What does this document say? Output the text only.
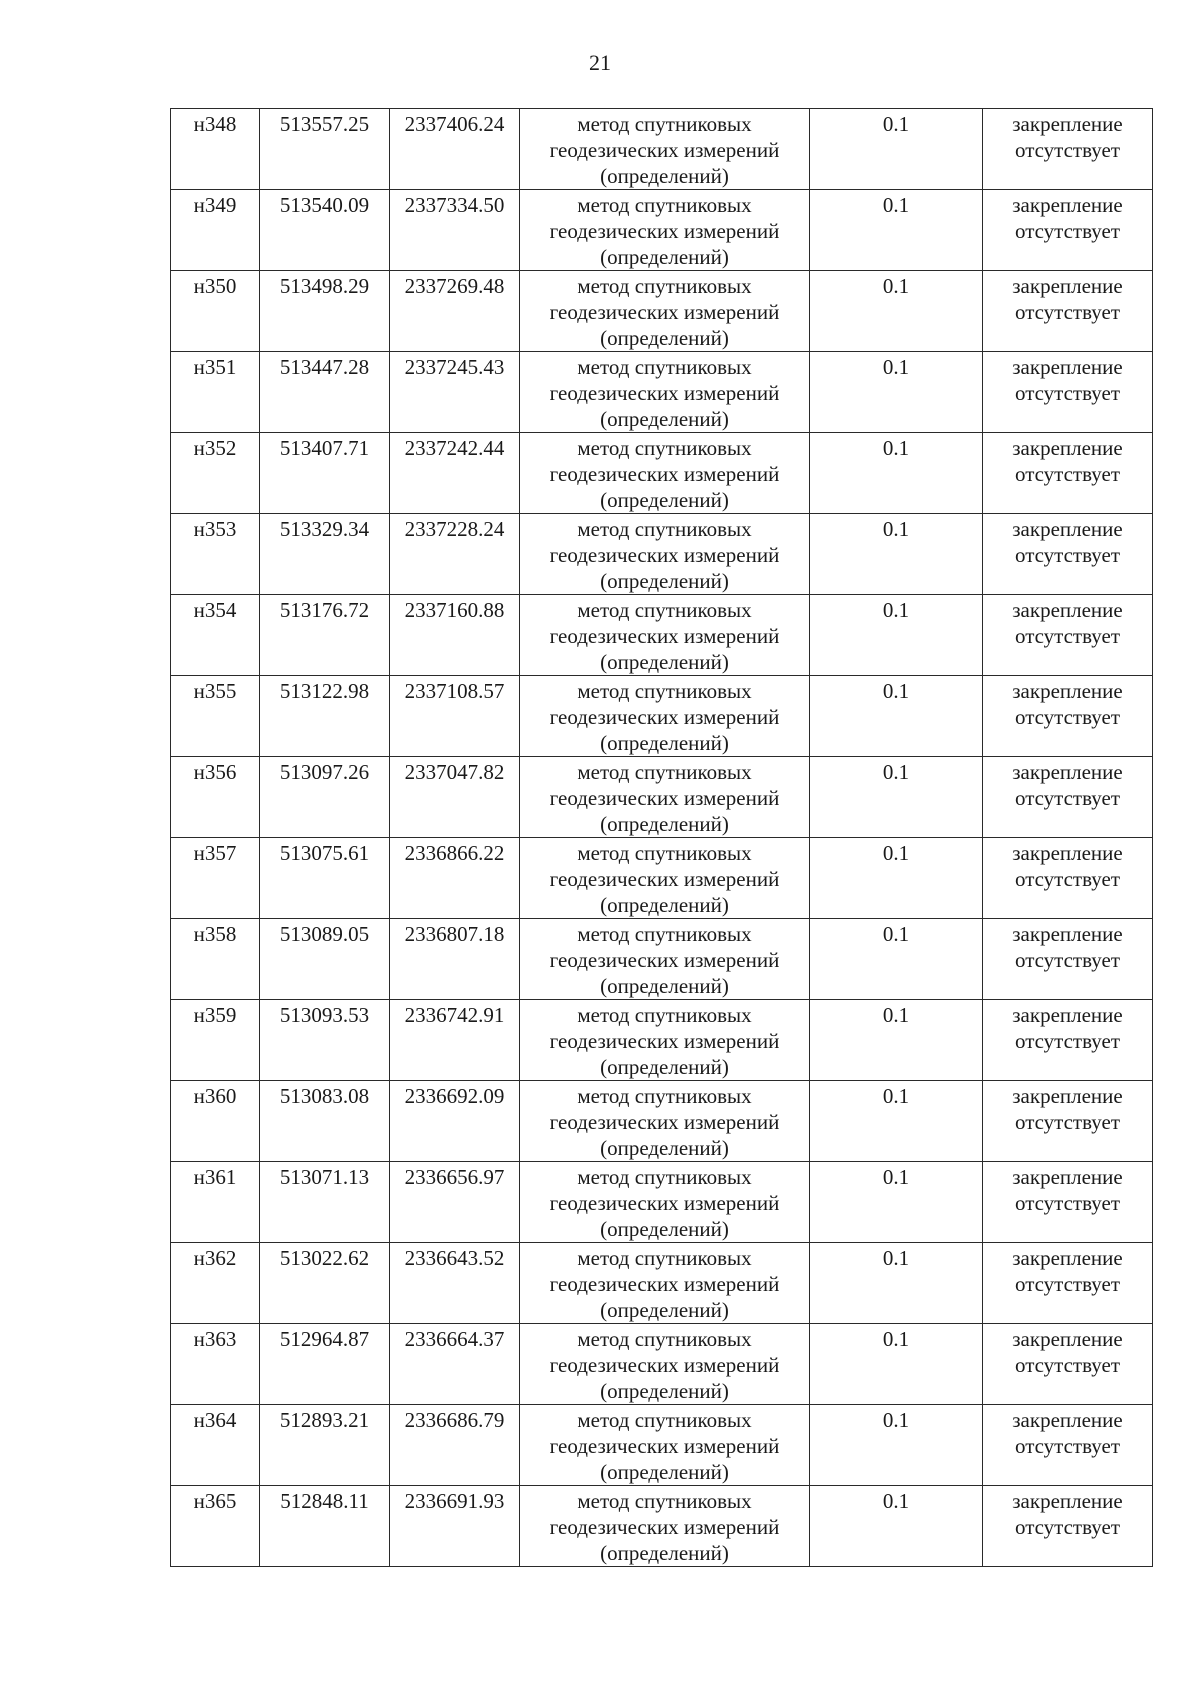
21
н348	513557.25	2337406.24	метод спутниковых геодезических измерений (определений)	0.1	закрепление отсутствует
н349	513540.09	2337334.50	метод спутниковых геодезических измерений (определений)	0.1	закрепление отсутствует
н350	513498.29	2337269.48	метод спутниковых геодезических измерений (определений)	0.1	закрепление отсутствует
н351	513447.28	2337245.43	метод спутниковых геодезических измерений (определений)	0.1	закрепление отсутствует
н352	513407.71	2337242.44	метод спутниковых геодезических измерений (определений)	0.1	закрепление отсутствует
н353	513329.34	2337228.24	метод спутниковых геодезических измерений (определений)	0.1	закрепление отсутствует
н354	513176.72	2337160.88	метод спутниковых геодезических измерений (определений)	0.1	закрепление отсутствует
н355	513122.98	2337108.57	метод спутниковых геодезических измерений (определений)	0.1	закрепление отсутствует
н356	513097.26	2337047.82	метод спутниковых геодезических измерений (определений)	0.1	закрепление отсутствует
н357	513075.61	2336866.22	метод спутниковых геодезических измерений (определений)	0.1	закрепление отсутствует
н358	513089.05	2336807.18	метод спутниковых геодезических измерений (определений)	0.1	закрепление отсутствует
н359	513093.53	2336742.91	метод спутниковых геодезических измерений (определений)	0.1	закрепление отсутствует
н360	513083.08	2336692.09	метод спутниковых геодезических измерений (определений)	0.1	закрепление отсутствует
н361	513071.13	2336656.97	метод спутниковых геодезических измерений (определений)	0.1	закрепление отсутствует
н362	513022.62	2336643.52	метод спутниковых геодезических измерений (определений)	0.1	закрепление отсутствует
н363	512964.87	2336664.37	метод спутниковых геодезических измерений (определений)	0.1	закрепление отсутствует
н364	512893.21	2336686.79	метод спутниковых геодезических измерений (определений)	0.1	закрепление отсутствует
н365	512848.11	2336691.93	метод спутниковых геодезических измерений (определений)	0.1	закрепление отсутствует
